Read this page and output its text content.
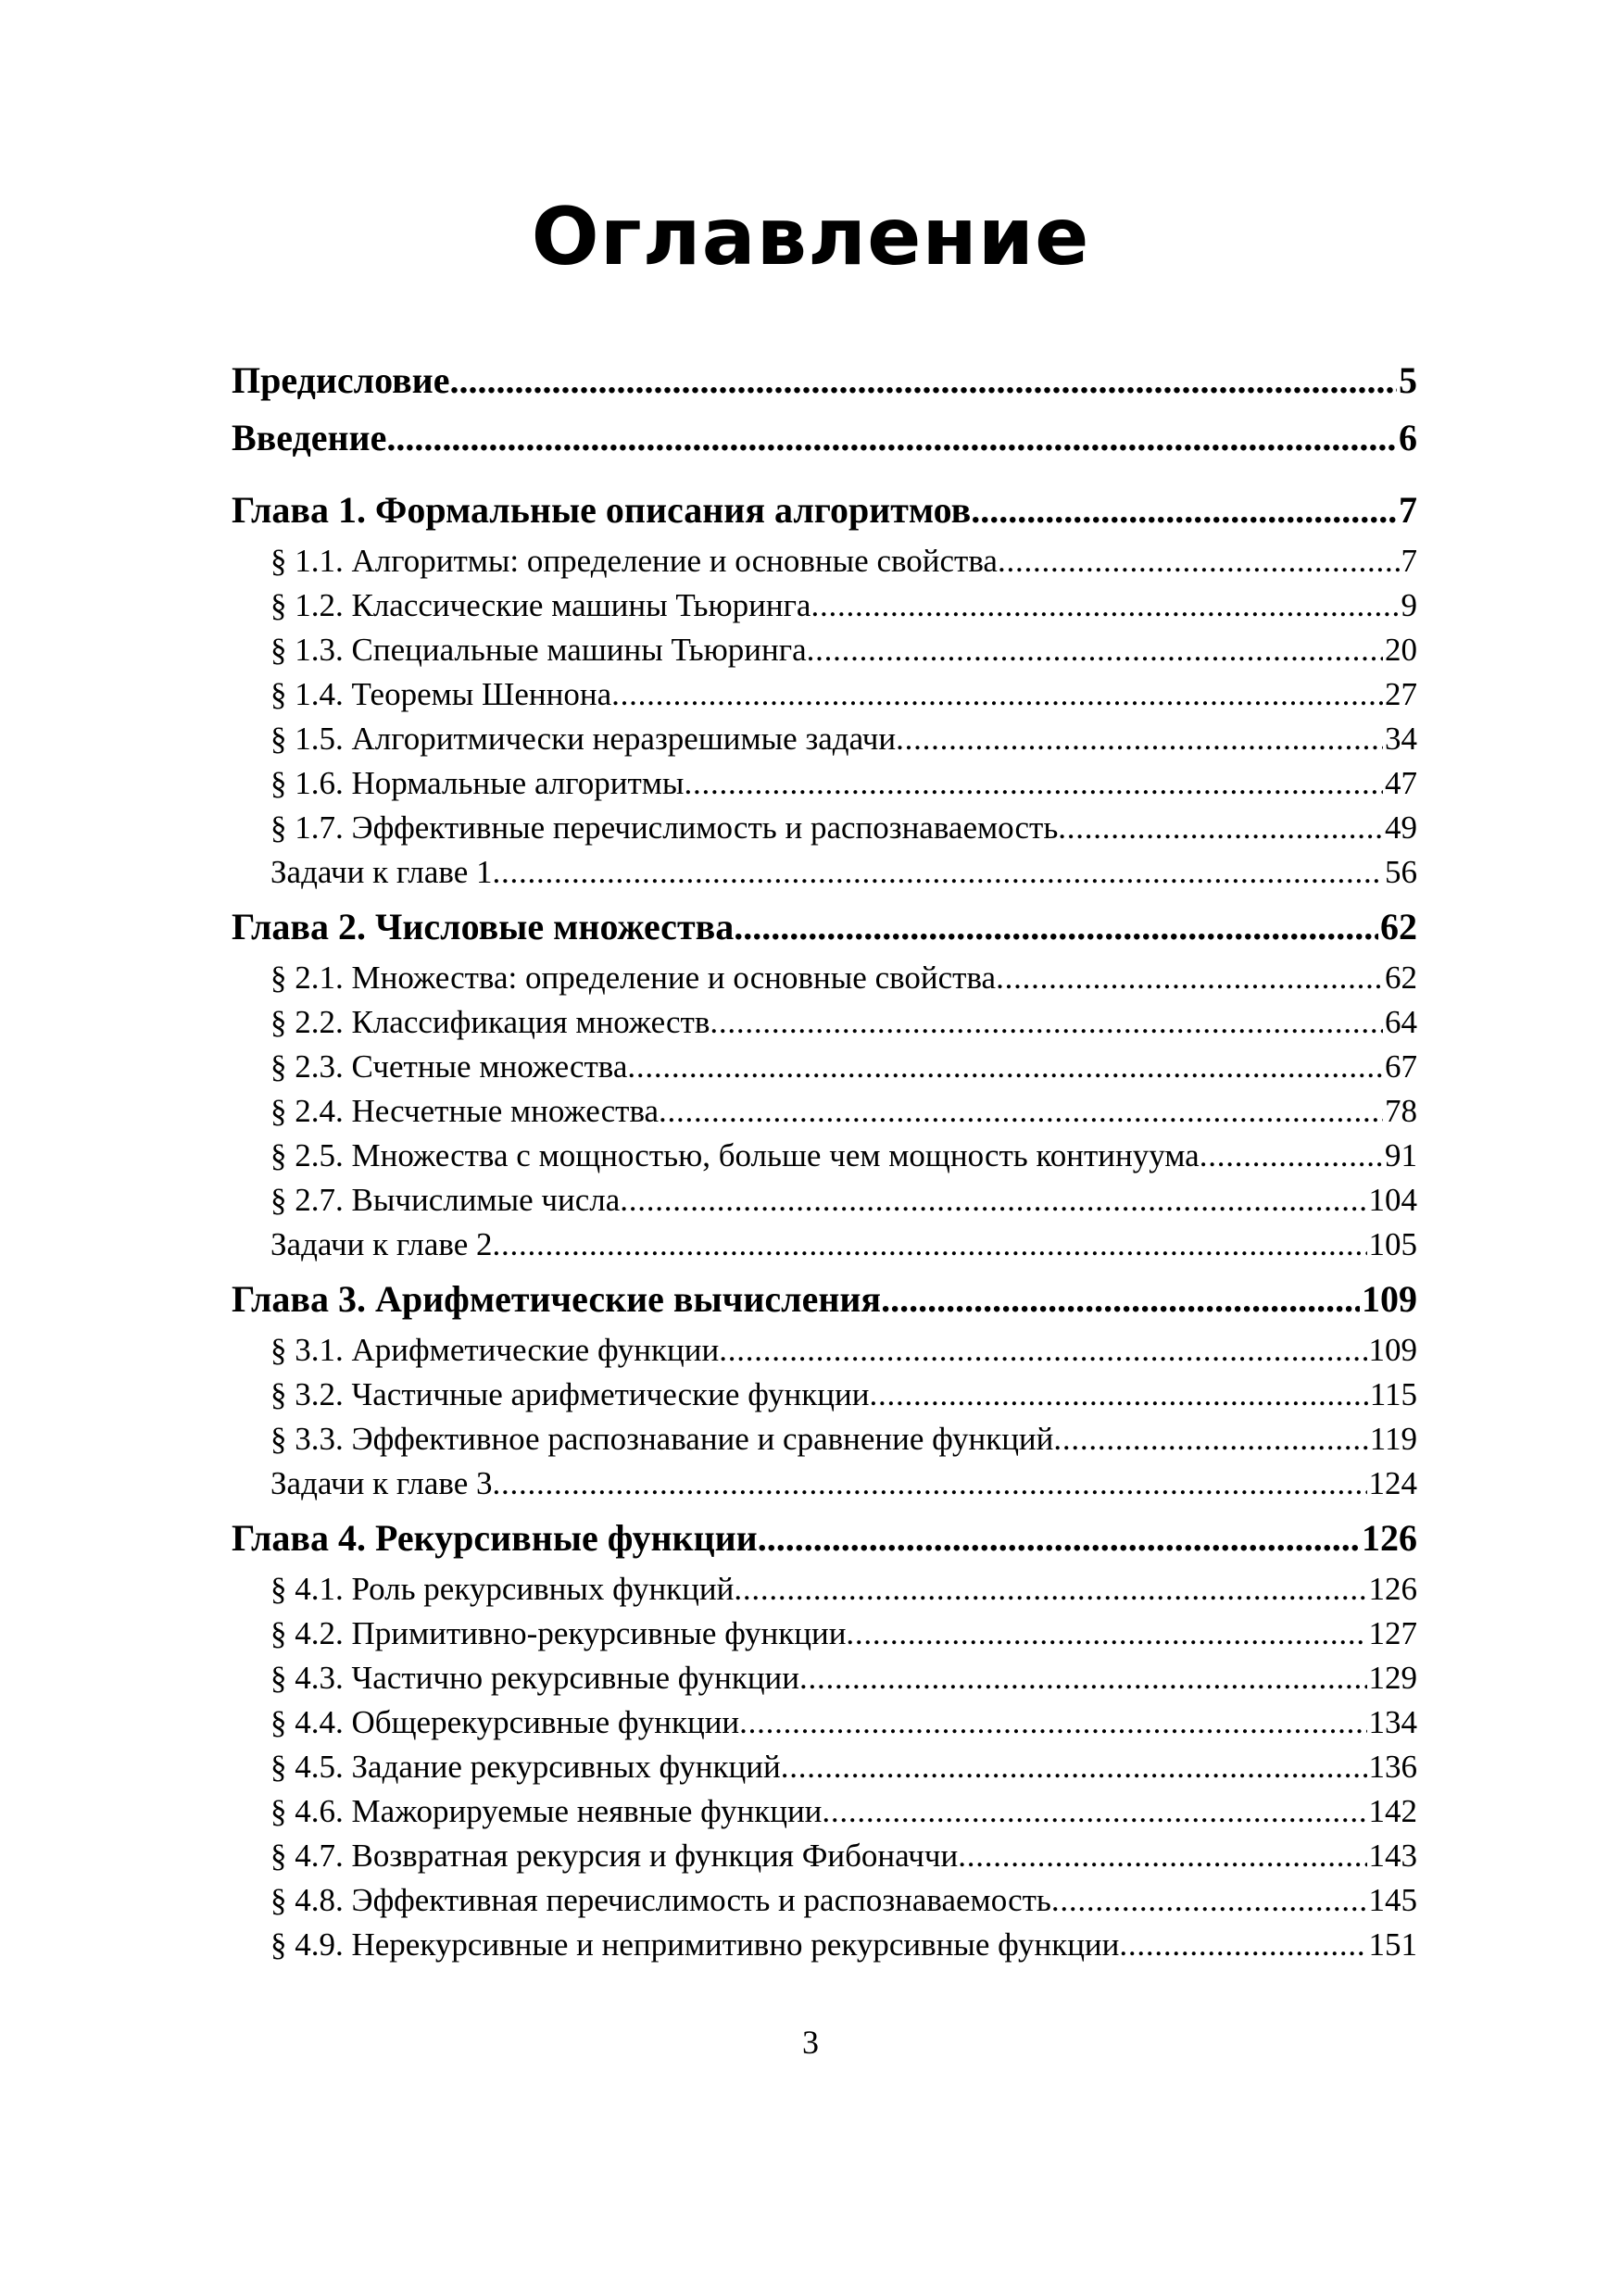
Оглавление
Предисловие . . .	5
Введение . . .	6
Глава 1. Формальные описания алгоритмов . . .	7
§ 1.1. Алгоритмы: определение и основные свойства . . .	7
§ 1.2. Классические машины Тьюринга . . .	9
§ 1.3. Специальные машины Тьюринга . . .	20
§ 1.4. Теоремы Шеннона . . .	27
§ 1.5. Алгоритмически неразрешимые задачи . . .	34
§ 1.6. Нормальные алгоритмы . . .	47
§ 1.7. Эффективные перечислимость и распознаваемость . . .	49
Задачи к главе 1 . . .	56
Глава 2. Числовые множества . . .	62
§ 2.1. Множества: определение и основные свойства . . .	62
§ 2.2. Классификация множеств . . .	64
§ 2.3. Счетные множества . . .	67
§ 2.4. Несчетные множества . . .	78
§ 2.5. Множества с мощностью, больше чем мощность континуума . . .	91
§ 2.7. Вычислимые числа . . .	104
Задачи к главе 2 . . .	105
Глава 3. Арифметические вычисления . . .	109
§ 3.1. Арифметические функции . . .	109
§ 3.2. Частичные арифметические функции . . .	115
§ 3.3. Эффективное распознавание и сравнение функций . . .	119
Задачи к главе 3 . . .	124
Глава 4. Рекурсивные функции . . .	126
§ 4.1. Роль рекурсивных функций . . .	126
§ 4.2. Примитивно-рекурсивные функции . . .	127
§ 4.3. Частично рекурсивные функции . . .	129
§ 4.4. Общерекурсивные функции . . .	134
§ 4.5. Задание рекурсивных функций . . .	136
§ 4.6. Мажорируемые неявные функции . . .	142
§ 4.7. Возвратная рекурсия и функция Фибоначчи . . .	143
§ 4.8. Эффективная перечислимость и распознаваемость . . .	145
§ 4.9. Нерекурсивные и непримитивно рекурсивные функции . . .	151
3
